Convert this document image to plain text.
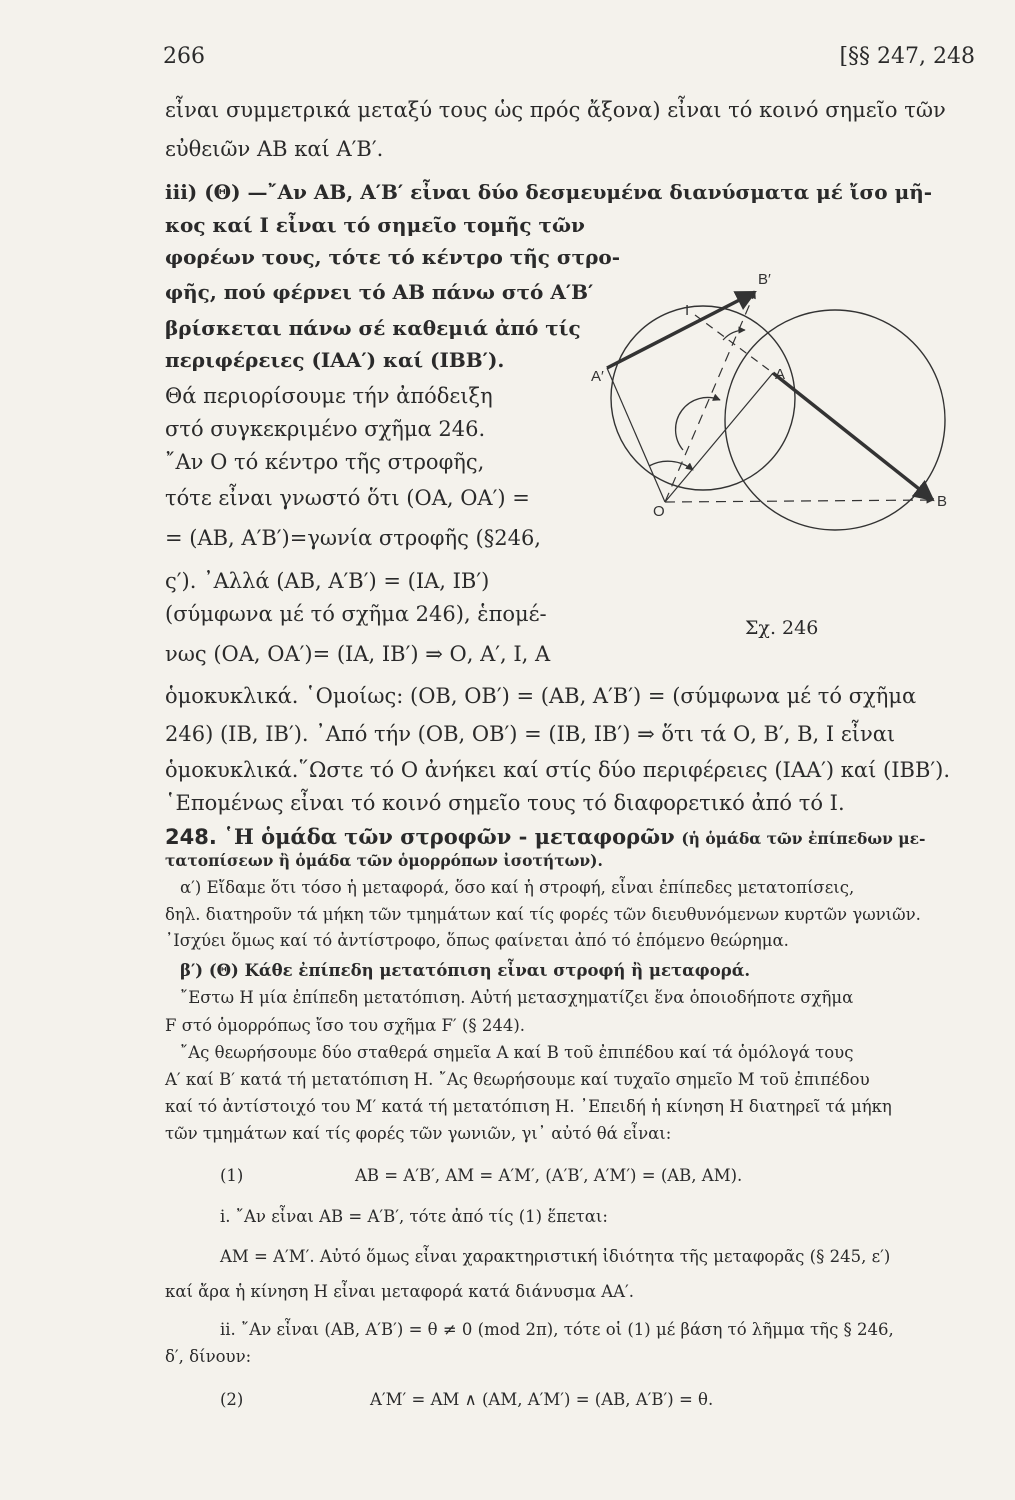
266	[§§ 247, 248
εἶναι συμμετρικά μεταξύ τους ὡς πρός ἄξονα) εἶναι τό κοινό σημεῖο τῶν
εὐθειῶν ΑΒ καί Α′Β′.
iii) (Θ) —῎Αν ΑΒ, Α′Β′ εἶναι δύο δεσμευμένα διανύσματα μέ ἴσο μῆ-
κος καί Ι εἶναι τό σημεῖο τομῆς τῶν
φορέων τους, τότε τό κέντρο τῆς στρο-
φῆς, πού φέρνει τό ΑΒ πάνω στό Α′Β′
βρίσκεται πάνω σέ καθεμιά ἀπό τίς
περιφέρειες (ΙΑΑ′) καί (ΙΒΒ′).
Θά περιορίσουμε τήν ἀπόδειξη
στό συγκεκριμένο σχῆμα 246.
῎Αν Ο τό κέντρο τῆς στροφῆς,
τότε εἶναι γνωστό ὅτι (ΟΑ, ΟΑ′) =
= (ΑΒ, Α′Β′)=γωνία στροφῆς (§246,
ς′). ᾿Αλλά (ΑΒ, Α′Β′) = (ΙΑ, ΙΒ′)
(σύμφωνα μέ τό σχῆμα 246), ἑπομέ-
νως (ΟΑ, ΟΑ′)= (ΙΑ, ΙΒ′) ⇒ Ο, Α′, Ι, Α
B′
I
A′	A
O
B
Σχ. 246
ὁμοκυκλικά. ῾Ομοίως: (ΟΒ, ΟΒ′) = (ΑΒ, Α′Β′) = (σύμφωνα μέ τό σχῆμα
246) (ΙΒ, ΙΒ′). ᾿Από τήν (ΟΒ, ΟΒ′) = (ΙΒ, ΙΒ′) ⇒ ὅτι τά Ο, Β′, Β, Ι εἶναι
ὁμοκυκλικά.῞Ωστε τό Ο ἀνήκει καί στίς δύο περιφέρειες (ΙΑΑ′) καί (ΙΒΒ′).
῾Επομένως εἶναι τό κοινό σημεῖο τους τό διαφορετικό ἀπό τό Ι.
248. ῾Η ὁμάδα τῶν στροφῶν - μεταφορῶν (ἡ ὁμάδα τῶν ἐπίπεδων με-
τατοπίσεων ἢ ὁμάδα τῶν ὁμορρόπων ἰσοτήτων).
α′) Εἴδαμε ὅτι τόσο ἡ μεταφορά, ὅσο καί ἡ στροφή, εἶναι ἐπίπεδες μετατοπίσεις,
δηλ. διατηροῦν τά μήκη τῶν τμημάτων καί τίς φορές τῶν διευθυνόμενων κυρτῶν γωνιῶν.
᾿Ισχύει ὅμως καί τό ἀντίστροφο, ὅπως φαίνεται ἀπό τό ἑπόμενο θεώρημα.
β′) (Θ) Κάθε ἐπίπεδη μετατόπιση εἶναι στροφή ἢ μεταφορά.
῎Εστω Η μία ἐπίπεδη μετατόπιση. Αὐτή μετασχηματίζει ἕνα ὁποιοδήποτε σχῆμα
F στό ὁμορρόπως ἴσο του σχῆμα F′ (§ 244).
῎Ας θεωρήσουμε δύο σταθερά σημεῖα Α καί Β τοῦ ἐπιπέδου καί τά ὁμόλογά τους
Α′ καί Β′ κατά τή μετατόπιση Η. ῎Ας θεωρήσουμε καί τυχαῖο σημεῖο Μ τοῦ ἐπιπέδου
καί τό ἀντίστοιχό του Μ′ κατά τή μετατόπιση Η. ᾿Επειδή ἡ κίνηση Η διατηρεῖ τά μήκη
τῶν τμημάτων καί τίς φορές τῶν γωνιῶν, γι᾿ αὐτό θά εἶναι:
(1)	ΑΒ = Α′Β′, ΑΜ = Α′Μ′, (Α′Β′, Α′Μ′) = (ΑΒ, ΑΜ).
i. ῎Αν εἶναι ΑΒ = Α′Β′, τότε ἀπό τίς (1) ἕπεται:
ΑΜ = Α′Μ′. Αὐτό ὅμως εἶναι χαρακτηριστική ἰδιότητα τῆς μεταφορᾶς (§ 245, ε′)
καί ἄρα ἡ κίνηση Η εἶναι μεταφορά κατά διάνυσμα ΑΑ′.
ii. ῎Αν εἶναι (ΑΒ, Α′Β′) = θ ≠ 0 (mod 2π), τότε οἱ (1) μέ βάση τό λῆμμα τῆς § 246,
δ′, δίνουν:
(2)	Α′Μ′ = ΑΜ ∧ (ΑΜ, Α′Μ′) = (ΑΒ, Α′Β′) = θ.
